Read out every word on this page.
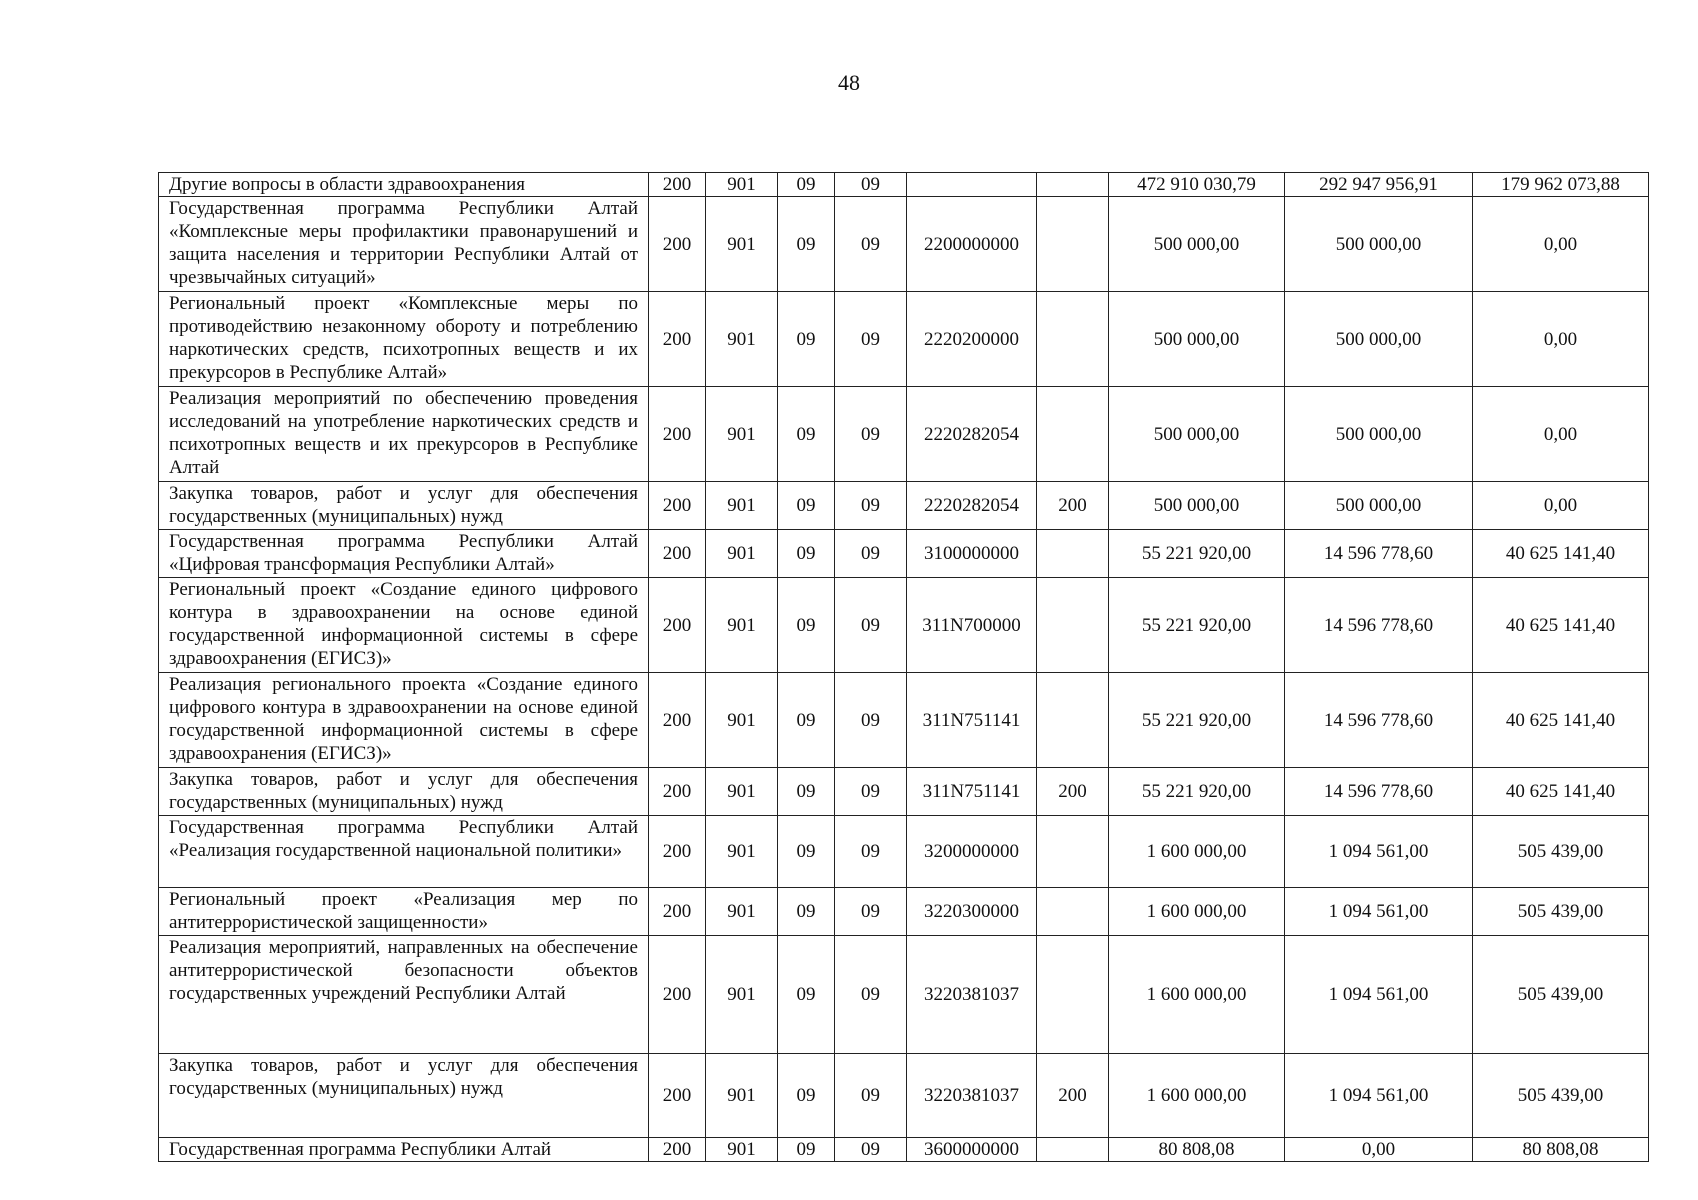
48
Другие вопросы в области здравоохранения	200	901	09	09			472 910 030,79	292 947 956,91	179 962 073,88
Государственная программа Республики Алтай «Комплексные меры профилактики правонарушений и защита населения и территории Республики Алтай от чрезвычайных ситуаций»	200	901	09	09	2200000000		500 000,00	500 000,00	0,00
Региональный проект «Комплексные меры по противодействию незаконному обороту и потреблению наркотических средств, психотропных веществ и их прекурсоров в Республике Алтай»	200	901	09	09	2220200000		500 000,00	500 000,00	0,00
Реализация мероприятий по обеспечению проведения исследований на употребление наркотических средств и психотропных веществ и их прекурсоров в Республике Алтай	200	901	09	09	2220282054		500 000,00	500 000,00	0,00
Закупка товаров, работ и услуг для обеспечения государственных (муниципальных) нужд	200	901	09	09	2220282054	200	500 000,00	500 000,00	0,00
Государственная программа Республики Алтай «Цифровая трансформация Республики Алтай»	200	901	09	09	3100000000		55 221 920,00	14 596 778,60	40 625 141,40
Региональный проект «Создание единого цифрового контура в здравоохранении на основе единой государственной информационной системы в сфере здравоохранения (ЕГИСЗ)»	200	901	09	09	311N700000		55 221 920,00	14 596 778,60	40 625 141,40
Реализация регионального проекта «Создание единого цифрового контура в здравоохранении на основе единой государственной информационной системы в сфере здравоохранения (ЕГИСЗ)»	200	901	09	09	311N751141		55 221 920,00	14 596 778,60	40 625 141,40
Закупка товаров, работ и услуг для обеспечения государственных (муниципальных) нужд	200	901	09	09	311N751141	200	55 221 920,00	14 596 778,60	40 625 141,40
Государственная программа Республики Алтай «Реализация государственной национальной политики»	200	901	09	09	3200000000		1 600 000,00	1 094 561,00	505 439,00
Региональный проект «Реализация мер по антитеррористической защищенности»	200	901	09	09	3220300000		1 600 000,00	1 094 561,00	505 439,00
Реализация мероприятий, направленных на обеспечение антитеррористической безопасности объектов государственных учреждений Республики Алтай	200	901	09	09	3220381037		1 600 000,00	1 094 561,00	505 439,00
Закупка товаров, работ и услуг для обеспечения государственных (муниципальных) нужд	200	901	09	09	3220381037	200	1 600 000,00	1 094 561,00	505 439,00
Государственная программа Республики Алтай	200	901	09	09	3600000000		80 808,08	0,00	80 808,08
